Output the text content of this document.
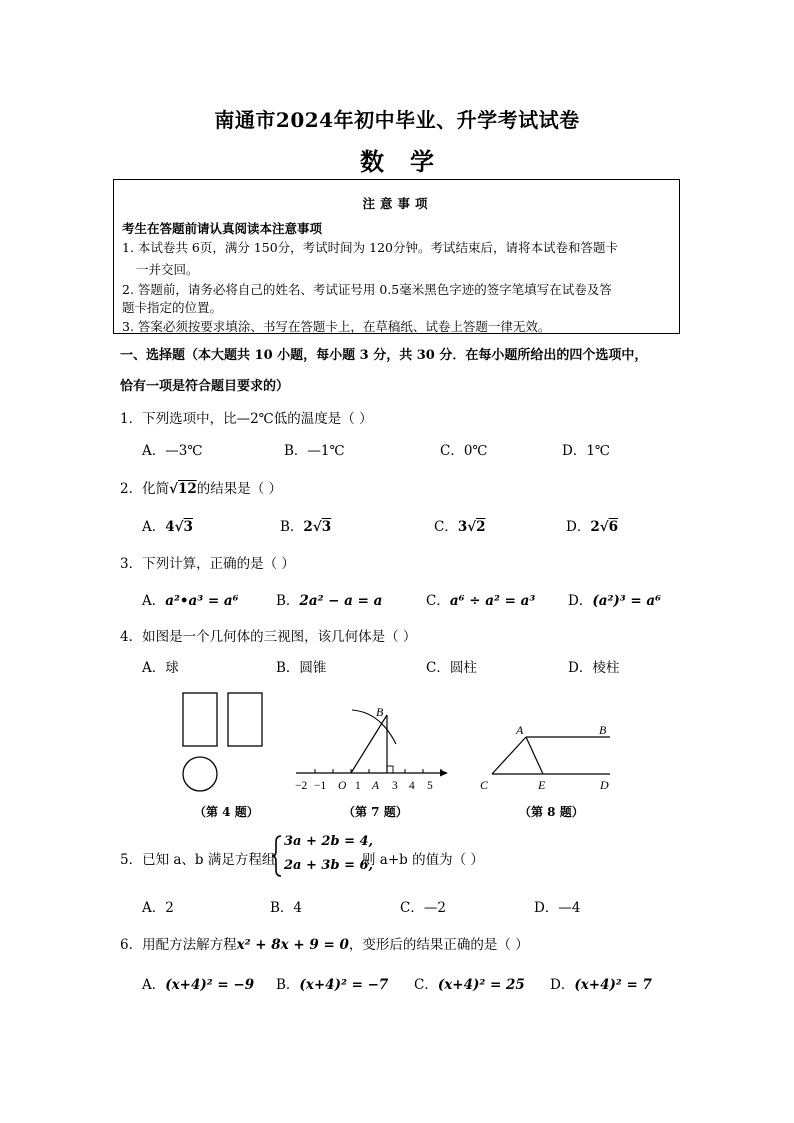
南通市2024年初中毕业、升学考试试卷
数学
注意事项
考生在答题前请认真阅读本注意事项
1. 本试卷共 6页，满分 150分，考试时间为 120分钟。考试结束后，请将本试卷和答题卡
一并交回。
2. 答题前，请务必将自己的姓名、考试证号用 0.5毫米黑色字迹的签字笔填写在试卷及答
题卡指定的位置。
3. 答案必须按要求填涂、书写在答题卡上，在草稿纸、试卷上答题一律无效。
一、选择题（本大题共 10 小题，每小题 3 分，共 30 分．在每小题所给出的四个选项中，
恰有一项是符合题目要求的）
1．下列选项中，比—2℃低的温度是（ ）
A．—3℃	B．—1℃	C．0℃	D．1℃
2．化简√12的结果是（ ）
A．4√3	B．2√3	C．3√2	D．2√6
3．下列计算，正确的是（ ）
A．a²•a³ = a⁶	B．2a² − a = a	C．a⁶ ÷ a² = a³ D．(a²)³ = a⁶
4．如图是一个几何体的三视图，该几何体是（ ）
A．球	B．圆锥	C．圆柱	D．棱柱
（第 4 题）
B
−2 −1 O 1 A 3 4 5
（第 7 题）
A	B
C	E	D
（第 8 题）
5．已知 a、b 满足方程组
3a + 2b = 4,
2a + 3b = 6,
则 a+b 的值为（ ）
A．2	B．4	C．—2	D．—4
6．用配方法解方程x² + 8x + 9 = 0，变形后的结果正确的是（ ）
A．(x+4)² = −9 B．(x+4)² = −7 C．(x+4)² = 25 D．(x+4)² = 7
